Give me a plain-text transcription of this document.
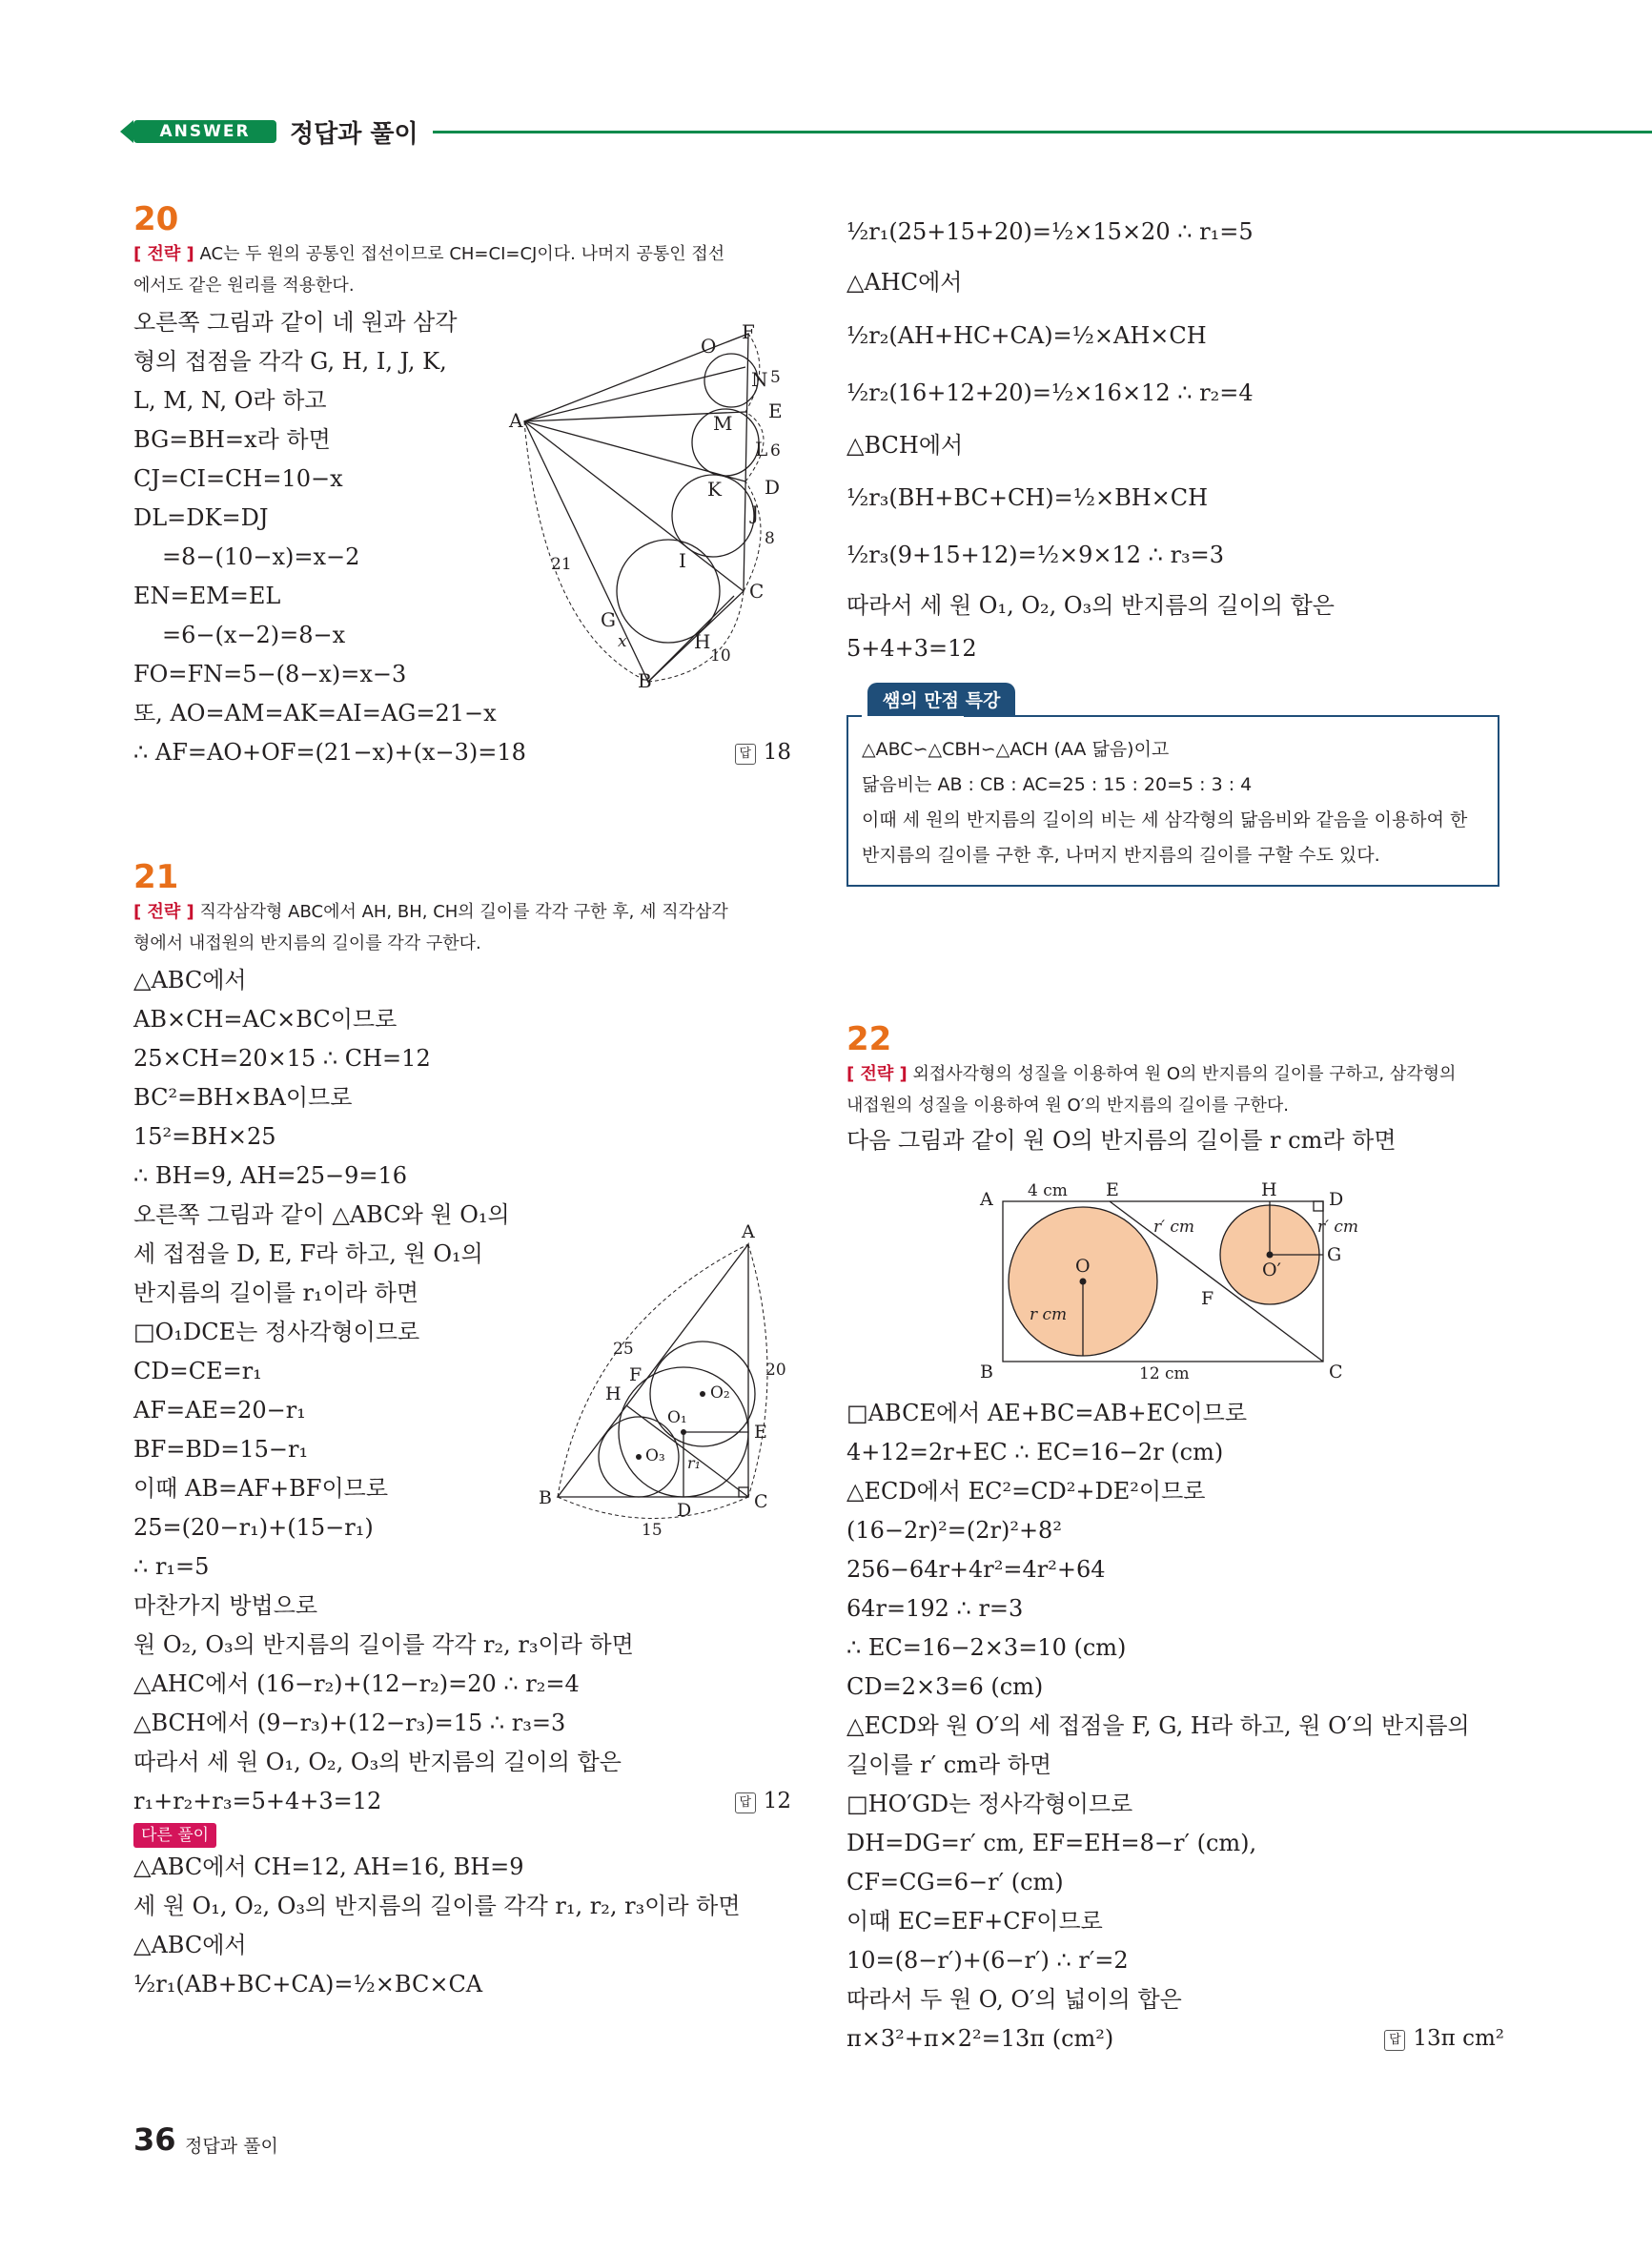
ANSWER	정답과 풀이
20
[ 전략 ] AC는 두 원의 공통인 접선이므로 CH=CI=CJ이다. 나머지 공통인 접선
에서도 같은 원리를 적용한다.
오른쪽 그림과 같이 네 원과 삼각
형의 접점을 각각 G, H, I, J, K,
L, M, N, O라 하고
BG=BH=x라 하면
CJ=CI=CH=10−x
DL=DK=DJ
=8−(10−x)=x−2
EN=EM=EL
=6−(x−2)=8−x
FO=FN=5−(8−x)=x−3
또, AO=AM=AK=AI=AG=21−x
∴ AF=AO+OF=(21−x)+(x−3)=18	답 18
A
B
C
D
E
F
G
H
I
J
K
L
M
N
O
21
10
8
6
5
x
21
[ 전략 ] 직각삼각형 ABC에서 AH, BH, CH의 길이를 각각 구한 후, 세 직각삼각
형에서 내접원의 반지름의 길이를 각각 구한다.
△ABC에서
AB×CH=AC×BC이므로
25×CH=20×15 ∴ CH=12
BC²=BH×BA이므로
15²=BH×25
∴ BH=9, AH=25−9=16
오른쪽 그림과 같이 △ABC와 원 O₁의
세 접점을 D, E, F라 하고, 원 O₁의
반지름의 길이를 r₁이라 하면
□O₁DCE는 정사각형이므로
CD=CE=r₁
AF=AE=20−r₁
BF=BD=15−r₁
이때 AB=AF+BF이므로
25=(20−r₁)+(15−r₁)
∴ r₁=5
마찬가지 방법으로
원 O₂, O₃의 반지름의 길이를 각각 r₂, r₃이라 하면
△AHC에서 (16−r₂)+(12−r₂)=20 ∴ r₂=4
△BCH에서 (9−r₃)+(12−r₃)=15 ∴ r₃=3
따라서 세 원 O₁, O₂, O₃의 반지름의 길이의 합은
r₁+r₂+r₃=5+4+3=12	답 12
다른 풀이
△ABC에서 CH=12, AH=16, BH=9
세 원 O₁, O₂, O₃의 반지름의 길이를 각각 r₁, r₂, r₃이라 하면
△ABC에서
½r₁(AB+BC+CA)=½×BC×CA
A
B	C
D
E
F
H
O₁
O₂
O₃ r₁
25
20
15
½r₁(25+15+20)=½×15×20 ∴ r₁=5
△AHC에서
½r₂(AH+HC+CA)=½×AH×CH
½r₂(16+12+20)=½×16×12 ∴ r₂=4
△BCH에서
½r₃(BH+BC+CH)=½×BH×CH
½r₃(9+15+12)=½×9×12 ∴ r₃=3
따라서 세 원 O₁, O₂, O₃의 반지름의 길이의 합은
5+4+3=12
쌤의 만점 특강
△ABC∽△CBH∽△ACH (AA 닮음)이고
닮음비는 AB : CB : AC=25 : 15 : 20=5 : 3 : 4
이때 세 원의 반지름의 길이의 비는 세 삼각형의 닮음비와 같음을 이용하여 한
반지름의 길이를 구한 후, 나머지 반지름의 길이를 구할 수도 있다.
22
[ 전략 ] 외접사각형의 성질을 이용하여 원 O의 반지름의 길이를 구하고, 삼각형의
내접원의 성질을 이용하여 원 O′의 반지름의 길이를 구한다.
다음 그림과 같이 원 O의 반지름의 길이를 r cm라 하면
A
B	C
D
E
F
G
H
O	O′
4 cm
12 cm
r cm
r′ cm	r′ cm
□ABCE에서 AE+BC=AB+EC이므로
4+12=2r+EC ∴ EC=16−2r (cm)
△ECD에서 EC²=CD²+DE²이므로
(16−2r)²=(2r)²+8²
256−64r+4r²=4r²+64
64r=192 ∴ r=3
∴ EC=16−2×3=10 (cm)
CD=2×3=6 (cm)
△ECD와 원 O′의 세 접점을 F, G, H라 하고, 원 O′의 반지름의
길이를 r′ cm라 하면
□HO′GD는 정사각형이므로
DH=DG=r′ cm, EF=EH=8−r′ (cm),
CF=CG=6−r′ (cm)
이때 EC=EF+CF이므로
10=(8−r′)+(6−r′) ∴ r′=2
따라서 두 원 O, O′의 넓이의 합은
π×3²+π×2²=13π (cm²)	답 13π cm²
36 정답과 풀이
